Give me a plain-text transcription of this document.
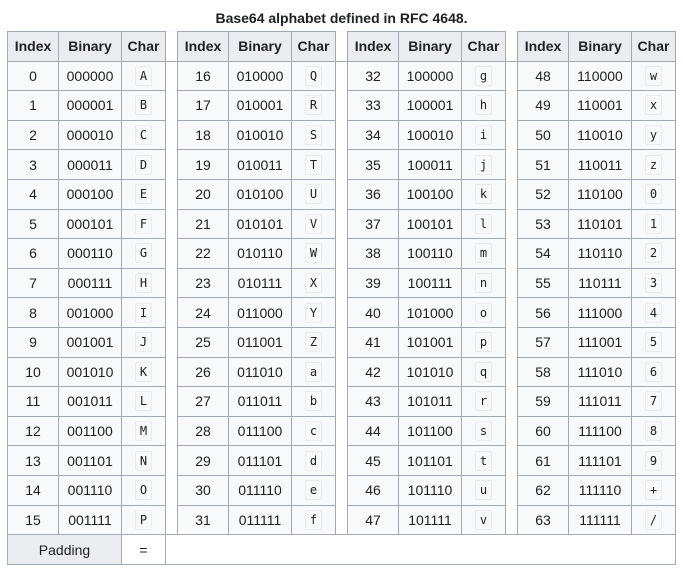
Base64 alphabet defined in RFC 4648.
Index	Binary	Char		Index	Binary	Char		Index	Binary	Char		Index	Binary	Char
0	000000	A		16	010000	Q		32	100000	g		48	110000	w
1	000001	B		17	010001	R		33	100001	h		49	110001	x
2	000010	C		18	010010	S		34	100010	i		50	110010	y
3	000011	D		19	010011	T		35	100011	j		51	110011	z
4	000100	E		20	010100	U		36	100100	k		52	110100	0
5	000101	F		21	010101	V		37	100101	l		53	110101	1
6	000110	G		22	010110	W		38	100110	m		54	110110	2
7	000111	H		23	010111	X		39	100111	n		55	110111	3
8	001000	I		24	011000	Y		40	101000	o		56	111000	4
9	001001	J		25	011001	Z		41	101001	p		57	111001	5
10	001010	K		26	011010	a		42	101010	q		58	111010	6
11	001011	L		27	011011	b		43	101011	r		59	111011	7
12	001100	M		28	011100	c		44	101100	s		60	111100	8
13	001101	N		29	011101	d		45	101101	t		61	111101	9
14	001110	O		30	011110	e		46	101110	u		62	111110	+
15	001111	P		31	011111	f		47	101111	v		63	111111	/
Padding		=												
